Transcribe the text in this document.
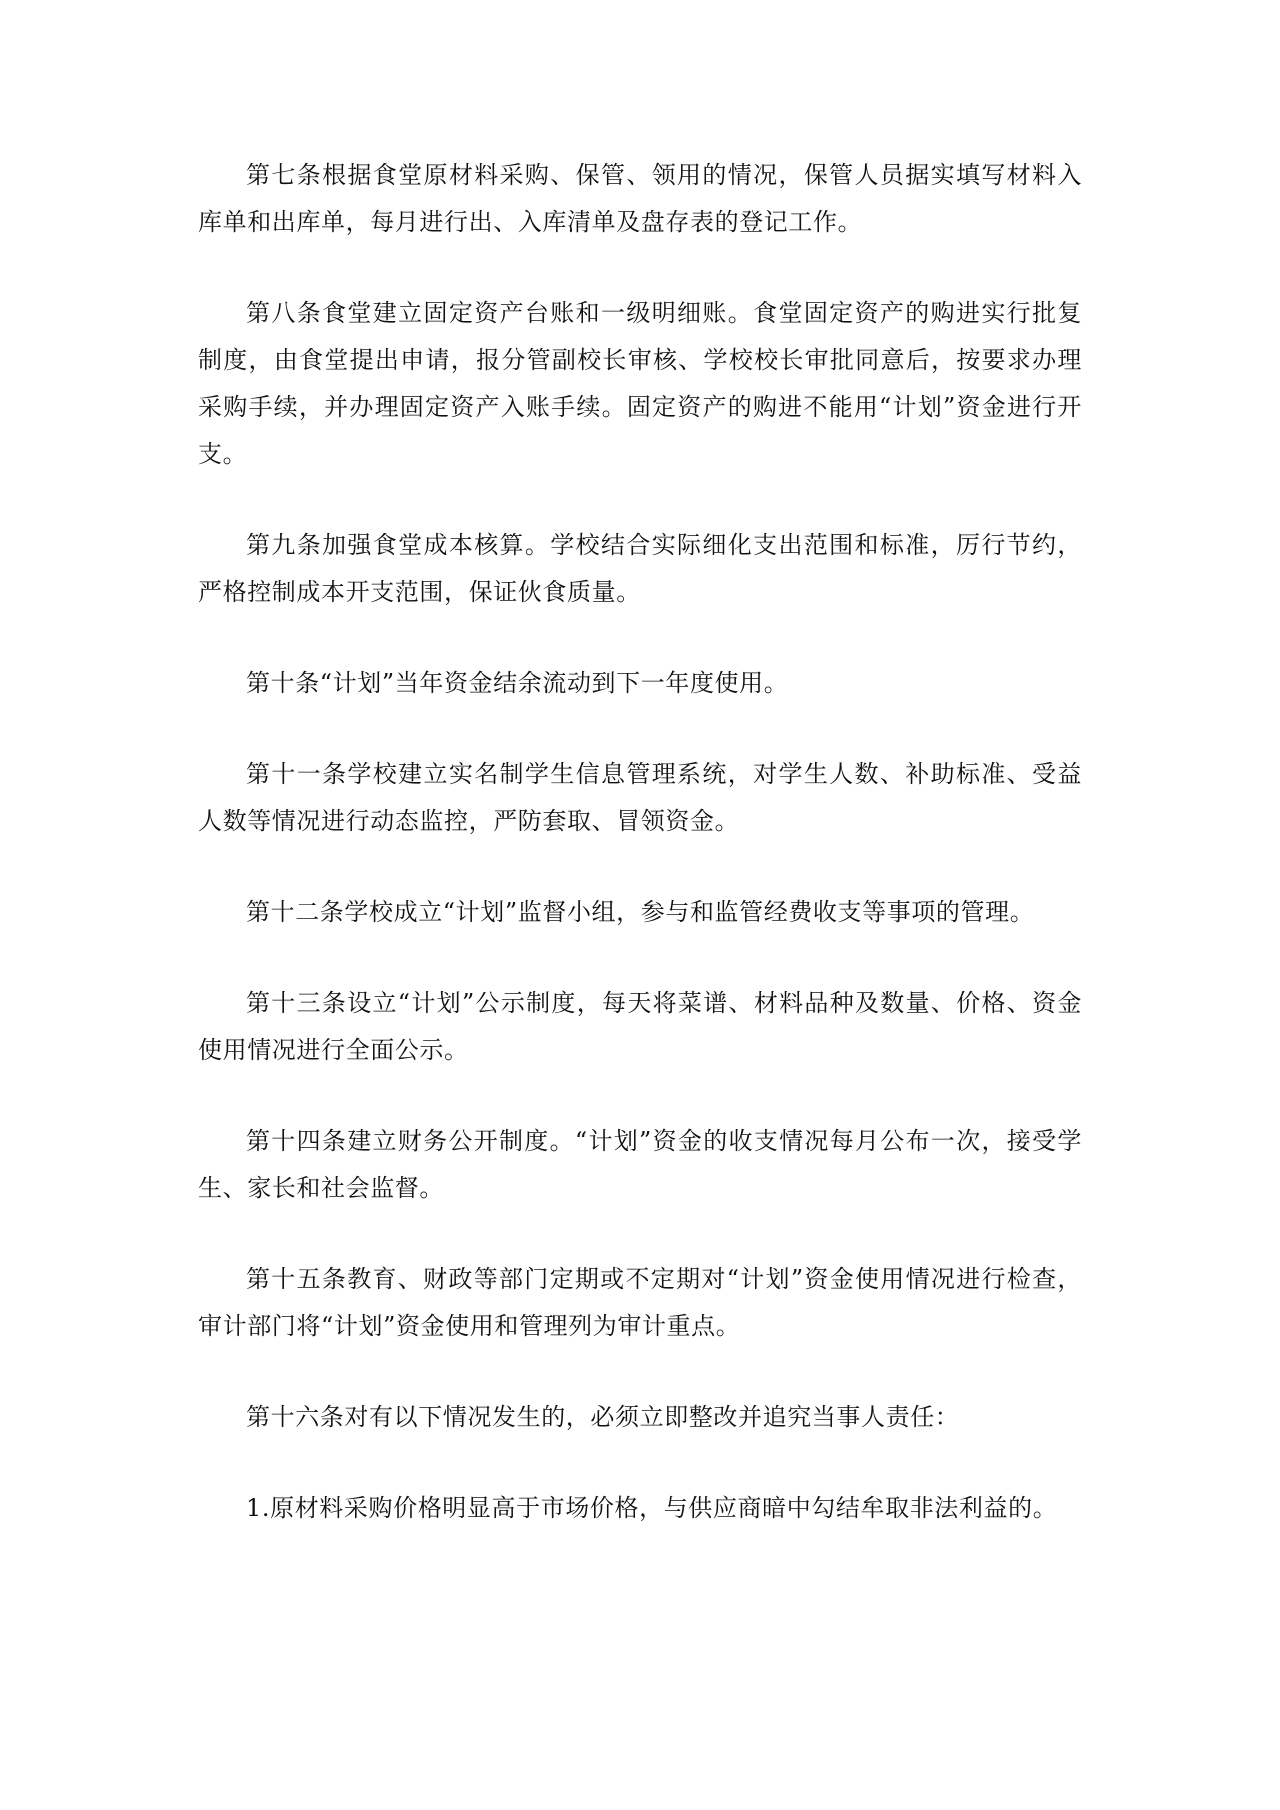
第七条根据食堂原材料采购、保管、领用的情况，保管人员据实填写材料入库单和出库单，每月进行出、入库清单及盘存表的登记工作。

第八条食堂建立固定资产台账和一级明细账。食堂固定资产的购进实行批复制度，由食堂提出申请，报分管副校长审核、学校校长审批同意后，按要求办理采购手续，并办理固定资产入账手续。固定资产的购进不能用“计划”资金进行开支。

第九条加强食堂成本核算。学校结合实际细化支出范围和标准，厉行节约，严格控制成本开支范围，保证伙食质量。

第十条“计划”当年资金结余流动到下一年度使用。

第十一条学校建立实名制学生信息管理系统，对学生人数、补助标准、受益人数等情况进行动态监控，严防套取、冒领资金。

第十二条学校成立“计划”监督小组，参与和监管经费收支等事项的管理。

第十三条设立“计划”公示制度，每天将菜谱、材料品种及数量、价格、资金使用情况进行全面公示。

第十四条建立财务公开制度。“计划”资金的收支情况每月公布一次，接受学生、家长和社会监督。

第十五条教育、财政等部门定期或不定期对“计划”资金使用情况进行检查，审计部门将“计划”资金使用和管理列为审计重点。

第十六条对有以下情况发生的，必须立即整改并追究当事人责任：

1.原材料采购价格明显高于市场价格，与供应商暗中勾结牟取非法利益的。
